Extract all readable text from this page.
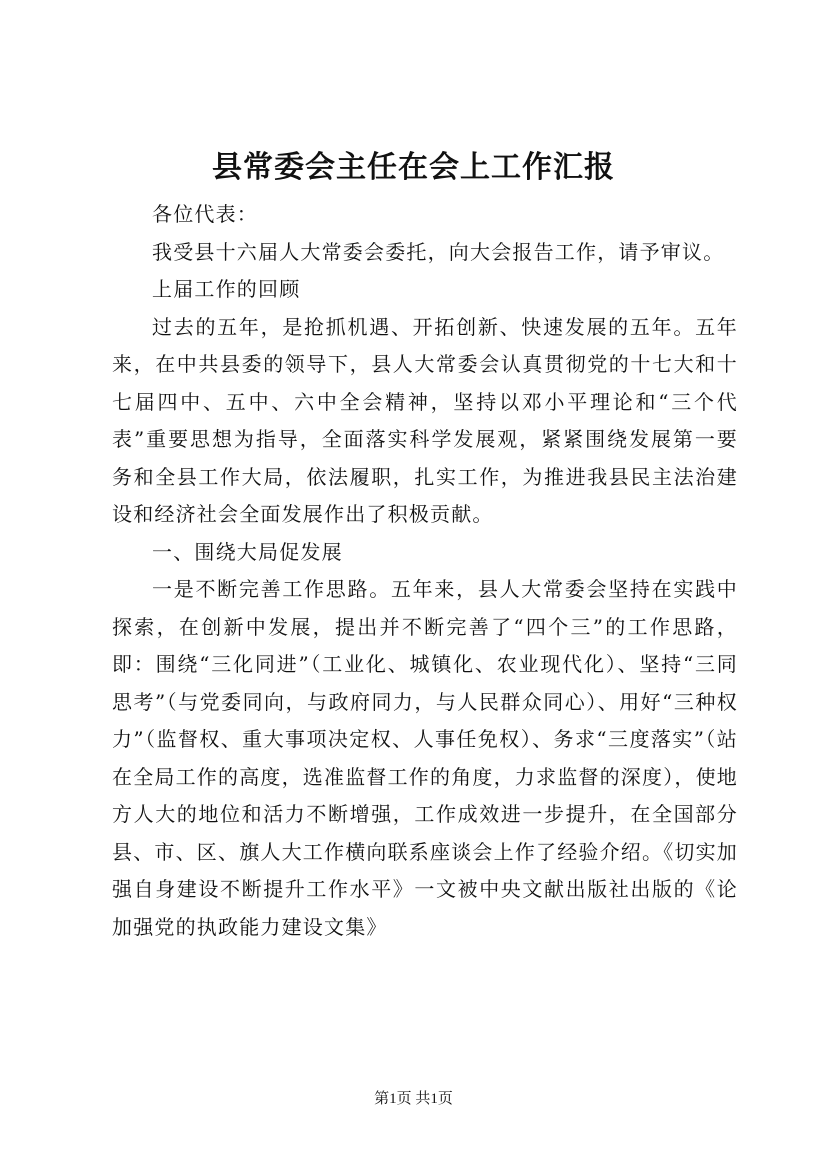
县常委会主任在会上工作汇报

各位代表：

我受县十六届人大常委会委托，向大会报告工作，请予审议。

上届工作的回顾

过去的五年，是抢抓机遇、开拓创新、快速发展的五年。五年来，在中共县委的领导下，县人大常委会认真贯彻党的十七大和十七届四中、五中、六中全会精神，坚持以邓小平理论和“三个代表”重要思想为指导，全面落实科学发展观，紧紧围绕发展第一要务和全县工作大局，依法履职，扎实工作，为推进我县民主法治建设和经济社会全面发展作出了积极贡献。

一、围绕大局促发展

一是不断完善工作思路。五年来，县人大常委会坚持在实践中探索，在创新中发展，提出并不断完善了“四个三”的工作思路，即：围绕“三化同进”（工业化、城镇化、农业现代化）、坚持“三同思考”（与党委同向，与政府同力，与人民群众同心）、用好“三种权力”（监督权、重大事项决定权、人事任免权）、务求“三度落实”（站在全局工作的高度，选准监督工作的角度，力求监督的深度），使地方人大的地位和活力不断增强，工作成效进一步提升，在全国部分县、市、区、旗人大工作横向联系座谈会上作了经验介绍。《切实加强自身建设不断提升工作水平》一文被中央文献出版社出版的《论加强党的执政能力建设文集》

第1页 共1页
